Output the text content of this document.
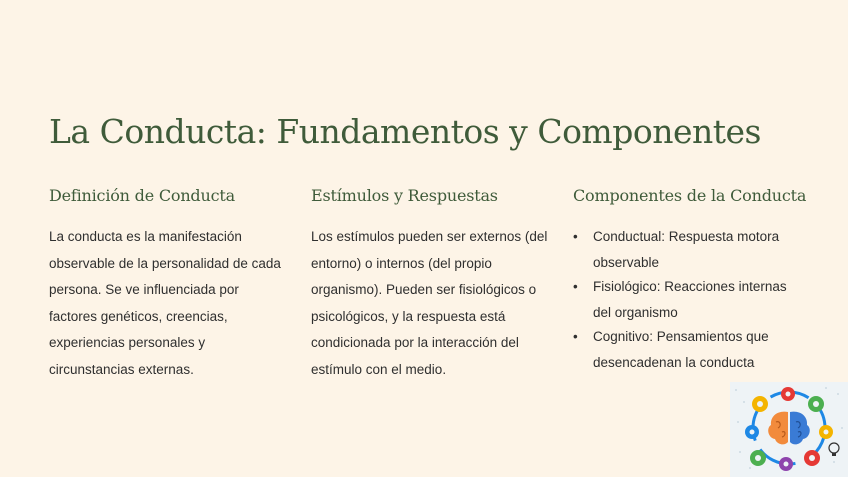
La Conducta: Fundamentos y Componentes
Definición de Conducta

La conducta es la manifestación observable de la personalidad de cada persona. Se ve influenciada por factores genéticos, creencias, experiencias personales y circunstancias externas.

Estímulos y Respuestas

Los estímulos pueden ser externos (del entorno) o internos (del propio organismo). Pueden ser fisiológicos o psicológicos, y la respuesta está condicionada por la interacción del estímulo con el medio.

Componentes de la Conducta
• Conductual: Respuesta motora observable
• Fisiológico: Reacciones internas del organismo
• Cognitivo: Pensamientos que desencadenan la conducta
